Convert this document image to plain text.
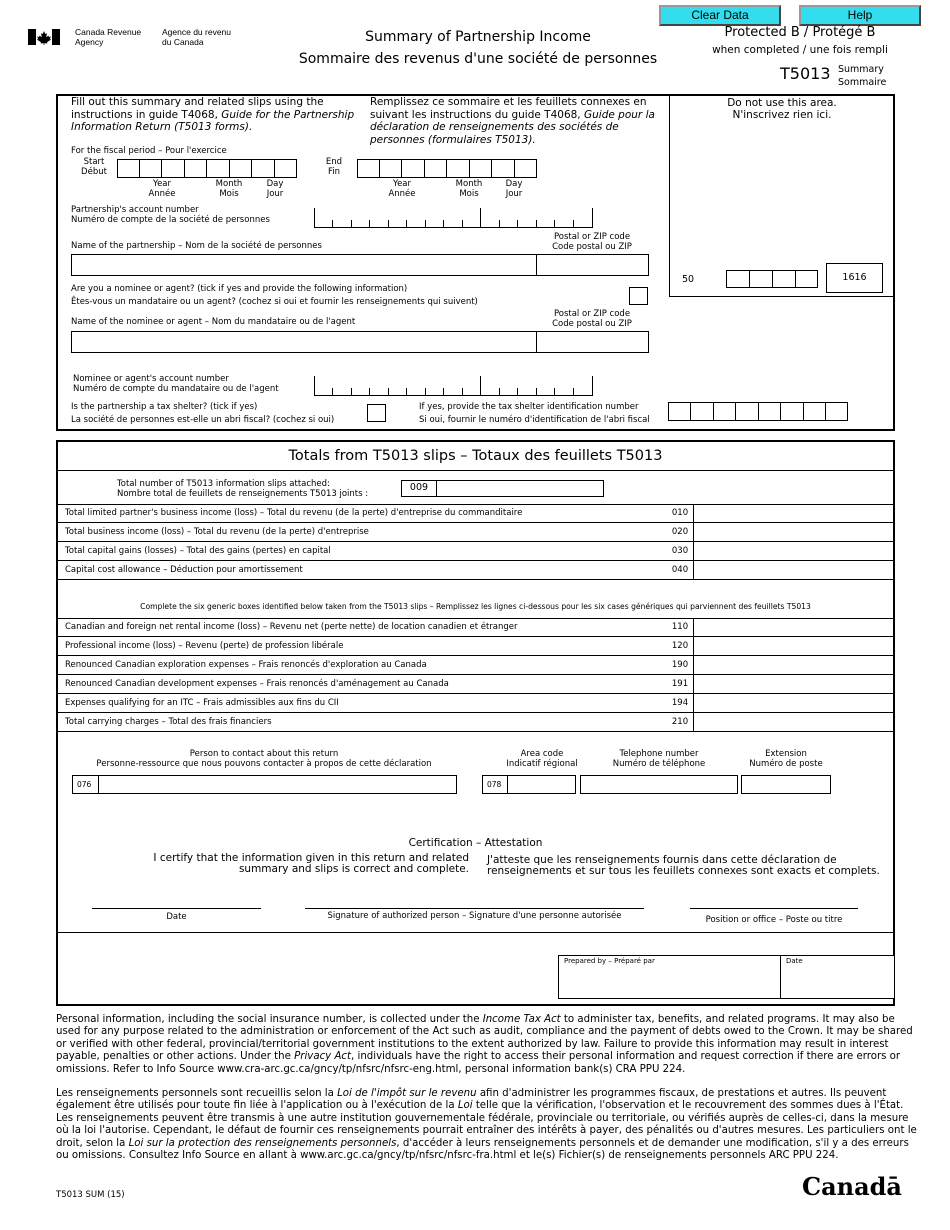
Clear Data	Help
Canada Revenue
Agency
Agence du revenu
du Canada	Summary of Partnership Income
Sommaire des revenus d'une société de personnes
Protected B / Protégé B
when completed / une fois rempli
T5013 Summary
Sommaire
Do not use this area.
N'inscrivez rien ici.
50	1616
Fill out this summary and related slips using the
instructions in guide T4068, Guide for the Partnership
Information Return (T5013 forms).
Remplissez ce sommaire et les feuillets connexes en
suivant les instructions du guide T4068, Guide pour la
déclaration de renseignements des sociétés de
personnes (formulaires T5013).
For the fiscal period – Pour l'exercice
Start
Début
Year
Année
Month
Mois
Day
Jour
End
Fin
Year
Année
Month
Mois
Day
Jour
Partnership's account number
Numéro de compte de la société de personnes
Name of the partnership – Nom de la société de personnes
Postal or ZIP code
Code postal ou ZIP
Are you a nominee or agent? (tick if yes and provide the following information)
Êtes-vous un mandataire ou un agent? (cochez si oui et fournir les renseignements qui suivent)
Name of the nominee or agent – Nom du mandataire ou de l'agent
Postal or ZIP code
Code postal ou ZIP
Nominee or agent's account number
Numéro de compte du mandataire ou de l'agent
Is the partnership a tax shelter? (tick if yes)
La société de personnes est-elle un abri fiscal? (cochez si oui)
If yes, provide the tax shelter identification number
Si oui, fournir le numéro d'identification de l'abri fiscal
Totals from T5013 slips – Totaux des feuillets T5013
Total number of T5013 information slips attached:
Nombre total de feuillets de renseignements T5013 joints :
009
Total limited partner's business income (loss) – Total du revenu (de la perte) d'entreprise du commanditaire	010
Total business income (loss) – Total du revenu (de la perte) d'entreprise	020
Total capital gains (losses) – Total des gains (pertes) en capital	030
Capital cost allowance – Déduction pour amortissement	040
Complete the six generic boxes identified below taken from the T5013 slips – Remplissez les lignes ci-dessous pour les six cases génériques qui parviennent des feuillets T5013
Canadian and foreign net rental income (loss) – Revenu net (perte nette) de location canadien et étranger	110
Professional income (loss) – Revenu (perte) de profession libérale	120
Renounced Canadian exploration expenses – Frais renoncés d'exploration au Canada	190
Renounced Canadian development expenses – Frais renoncés d'aménagement au Canada	191
Expenses qualifying for an ITC – Frais admissibles aux fins du CII	194
Total carrying charges – Total des frais financiers	210
Person to contact about this return
Personne-ressource que nous pouvons contacter à propos de cette déclaration
076
Area code
Indicatif régional
078
Telephone number
Numéro de téléphone
Extension
Numéro de poste
Certification – Attestation
I certify that the information given in this return and related
summary and slips is correct and complete.
J'atteste que les renseignements fournis dans cette déclaration de
renseignements et sur tous les feuillets connexes sont exacts et complets.
Date	Signature of authorized person – Signature d'une personne autorisée	Position or office – Poste ou titre
Prepared by – Préparé par	Date
Personal information, including the social insurance number, is collected under the Income Tax Act to administer tax, benefits, and related programs. It may also be used for any purpose related to the administration or enforcement of the Act such as audit, compliance and the payment of debts owed to the Crown. It may be shared or verified with other federal, provincial/territorial government institutions to the extent authorized by law. Failure to provide this information may result in interest payable, penalties or other actions. Under the Privacy Act, individuals have the right to access their personal information and request correction if there are errors or omissions. Refer to Info Source www.cra-arc.gc.ca/gncy/tp/nfsrc/nfsrc-eng.html, personal information bank(s) CRA PPU 224.
Les renseignements personnels sont recueillis selon la Loi de l'impôt sur le revenu afin d'administrer les programmes fiscaux, de prestations et autres. Ils peuvent également être utilisés pour toute fin liée à l'application ou à l'exécution de la Loi telle que la vérification, l'observation et le recouvrement des sommes dues à l'État. Les renseignements peuvent être transmis à une autre institution gouvernementale fédérale, provinciale ou territoriale, ou vérifiés auprès de celles-ci, dans la mesure où la loi l'autorise. Cependant, le défaut de fournir ces renseignements pourrait entraîner des intérêts à payer, des pénalités ou d'autres mesures. Les particuliers ont le droit, selon la Loi sur la protection des renseignements personnels, d'accéder à leurs renseignements personnels et de demander une modification, s'il y a des erreurs ou omissions. Consultez Info Source en allant à www.arc.gc.ca/gncy/tp/nfsrc/nfsrc-fra.html et le(s) Fichier(s) de renseignements personnels ARC PPU 224.
T5013 SUM (15)	Canadā
